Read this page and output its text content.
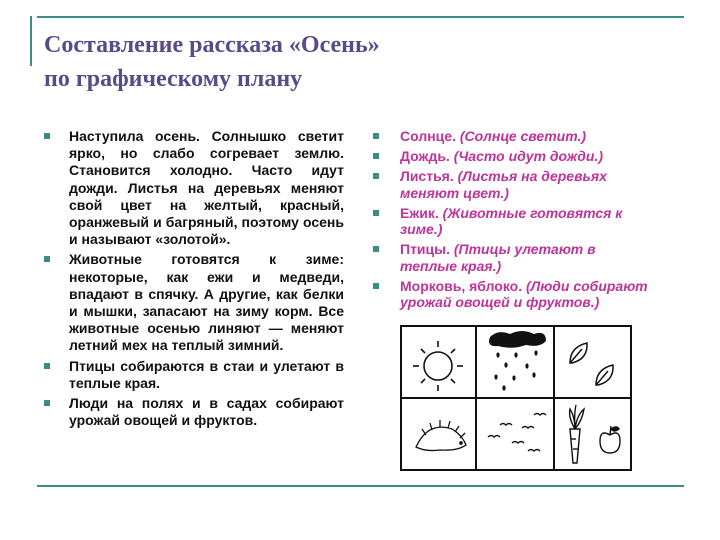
Составление рассказа «Осень»
по графическому плану
Наступила осень. Солнышко светит ярко, но слабо согревает землю. Становится холодно. Часто идут дожди. Листья на деревьях меняют свой цвет на желтый, красный, оранжевый и багряный, поэтому осень и называют «золотой».
Животные готовятся к зиме: некоторые, как ежи и медведи, впадают в спячку. А другие, как белки и мышки, запасают на зиму корм. Все животные осенью линяют — меняют летний мех на теплый зимний.
Птицы собираются в стаи и улетают в теплые края.
Люди на полях и в садах собирают урожай овощей и фруктов.
Солнце. (Солнце светит.)
Дождь. (Часто идут дожди.)
Листья. (Листья на деревьях меняют цвет.)
Ежик. (Животные готовятся к зиме.)
Птицы. (Птицы улетают в теплые края.)
Морковь, яблоко. (Люди собирают урожай овощей и фруктов.)
